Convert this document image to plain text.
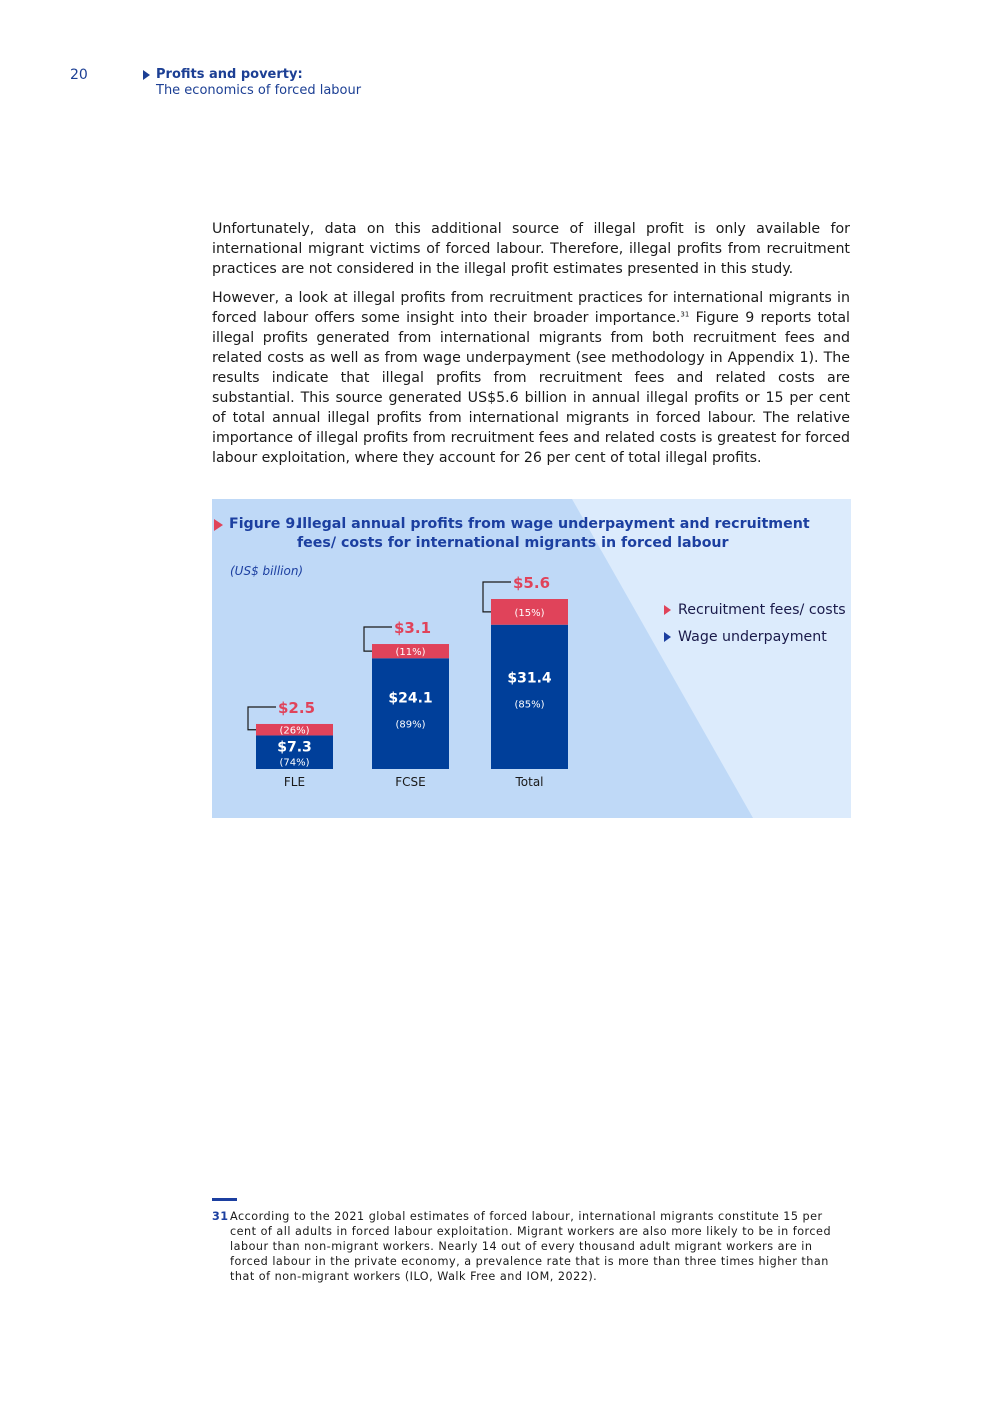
20	Profits and poverty:
The economics of forced labour
Unfortunately, data on this additional source of illegal profit is only available for international migrant victims of forced labour. Therefore, illegal profits from recruitment practices are not considered in the illegal profit estimates presented in this study.
However, a look at illegal profits from recruitment practices for international migrants in forced labour offers some insight into their broader importance.$^{31}$ Figure 9 reports total illegal profits generated from international migrants from both recruitment fees and related costs as well as from wage underpayment (see methodology in Appendix 1). The results indicate that illegal profits from recruitment fees and related costs are substantial. This source generated US$5.6 billion in annual illegal profits or 15 per cent of total annual illegal profits from international migrants in forced labour. The relative importance of illegal profits from recruitment fees and related costs is greatest for forced labour exploitation, where they account for 26 per cent of total illegal profits.
Figure 9.
Illegal annual profits from wage underpayment and recruitment fees/ costs for international migrants in forced labour
(US$ billion)
(26%)
$7.3
(74%)
$2.5
FLE
(11%)
$24.1
(89%)
$3.1
FCSE
(15%)
$31.4
(85%)
$5.6
Total
Recruitment fees/ costs
Wage underpayment
31 According to the 2021 global estimates of forced labour, international migrants constitute 15 per cent of all adults in forced labour exploitation. Migrant workers are also more likely to be in forced labour than non-migrant workers. Nearly 14 out of every thousand adult migrant workers are in forced labour in the private economy, a prevalence rate that is more than three times higher than that of non-migrant workers (ILO, Walk Free and IOM, 2022).
